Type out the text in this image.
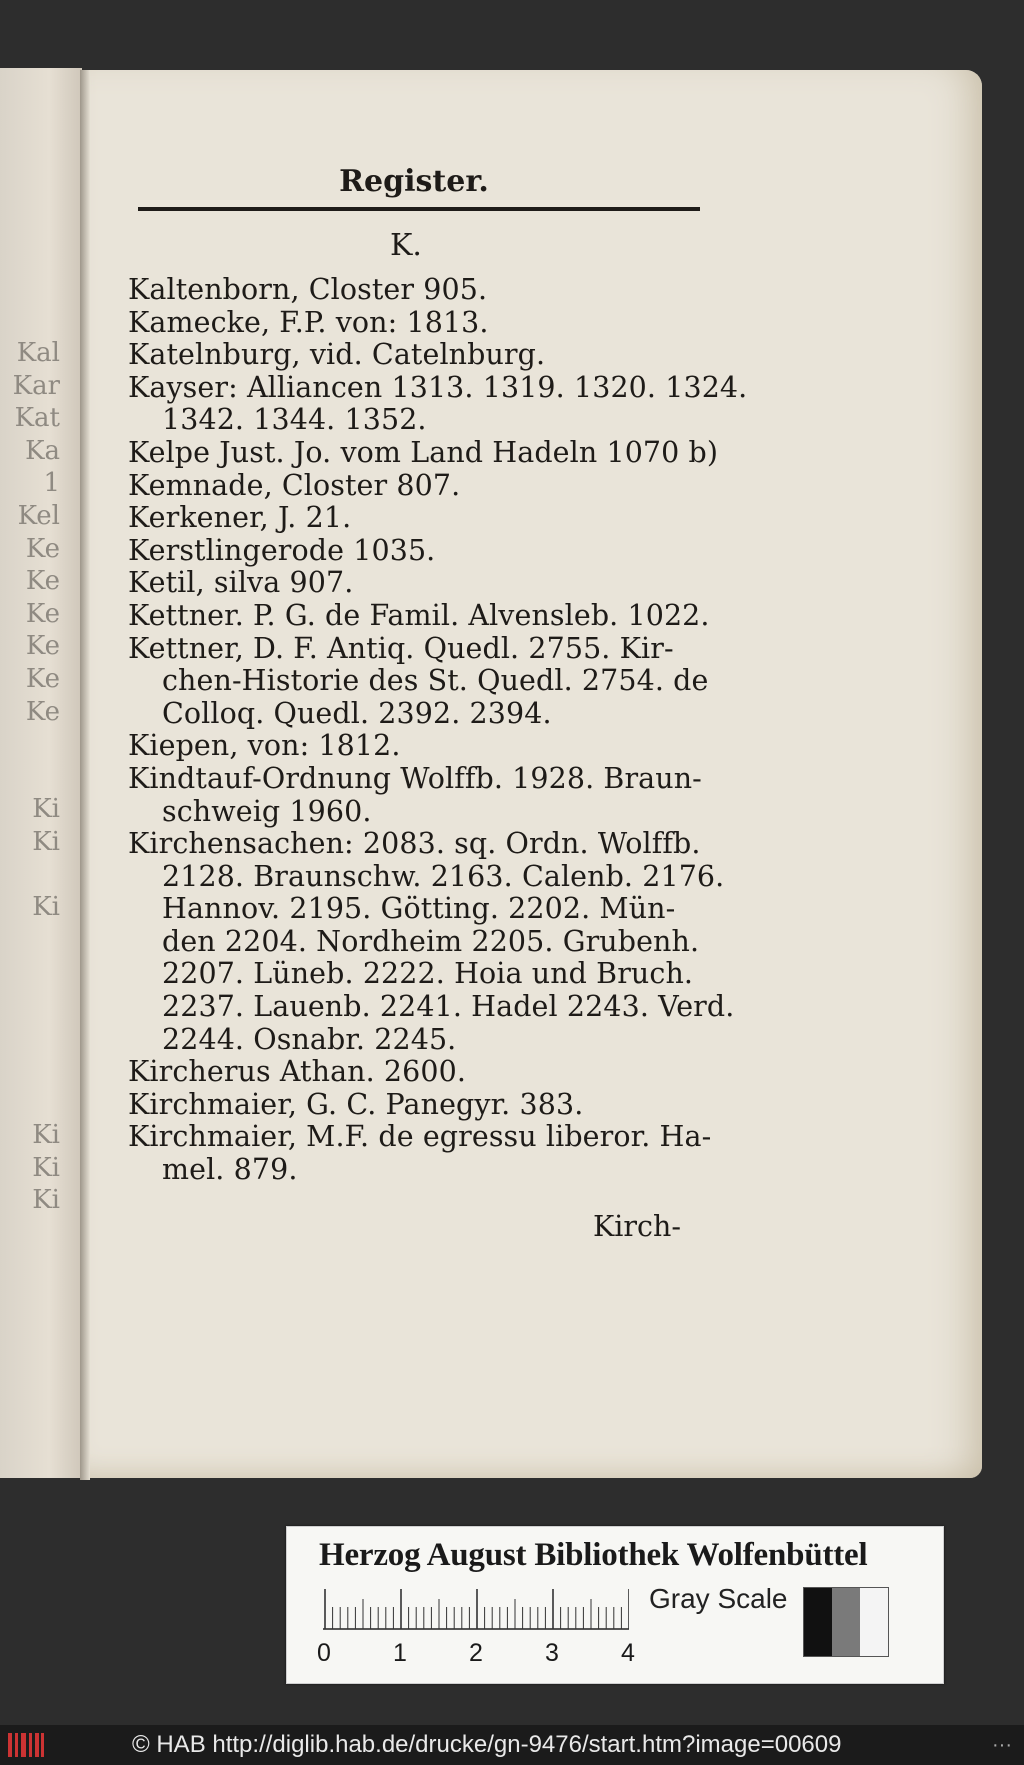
Kal
Kar
Kat
Ka
1
Kel
Ke
Ke
Ke
Ke
Ke
Ke
Ki
Ki
Ki
Ki
Ki
Ki
Register.
K.
Kaltenborn, Closter 905.
Kamecke, F.P. von: 1813.
Katelnburg, vid. Catelnburg.
Kayser: Alliancen 1313. 1319. 1320. 1324.
1342. 1344. 1352.
Kelpe Just. Jo. vom Land Hadeln 1070 b)
Kemnade, Closter 807.
Kerkener, J. 21.
Kerstlingerode 1035.
Ketil, silva 907.
Kettner. P. G. de Famil. Alvensleb. 1022.
Kettner, D. F. Antiq. Quedl. 2755. Kir-
chen-Historie des St. Quedl. 2754. de
Colloq. Quedl. 2392. 2394.
Kiepen, von: 1812.
Kindtauf-Ordnung Wolffb. 1928. Braun-
schweig 1960.
Kirchensachen: 2083. sq. Ordn. Wolffb.
2128. Braunschw. 2163. Calenb. 2176.
Hannov. 2195. Götting. 2202. Mün-
den 2204. Nordheim 2205. Grubenh.
2207. Lüneb. 2222. Hoia und Bruch.
2237. Lauenb. 2241. Hadel 2243. Verd.
2244. Osnabr. 2245.
Kircherus Athan. 2600.
Kirchmaier, G. C. Panegyr. 383.
Kirchmaier, M.F. de egressu liberor. Ha-
mel. 879.
Kirch-
Herzog August Bibliothek Wolfenbüttel
0 1 2 3 4
Gray Scale
© HAB http://diglib.hab.de/drucke/gn-9476/start.htm?image=00609	···
